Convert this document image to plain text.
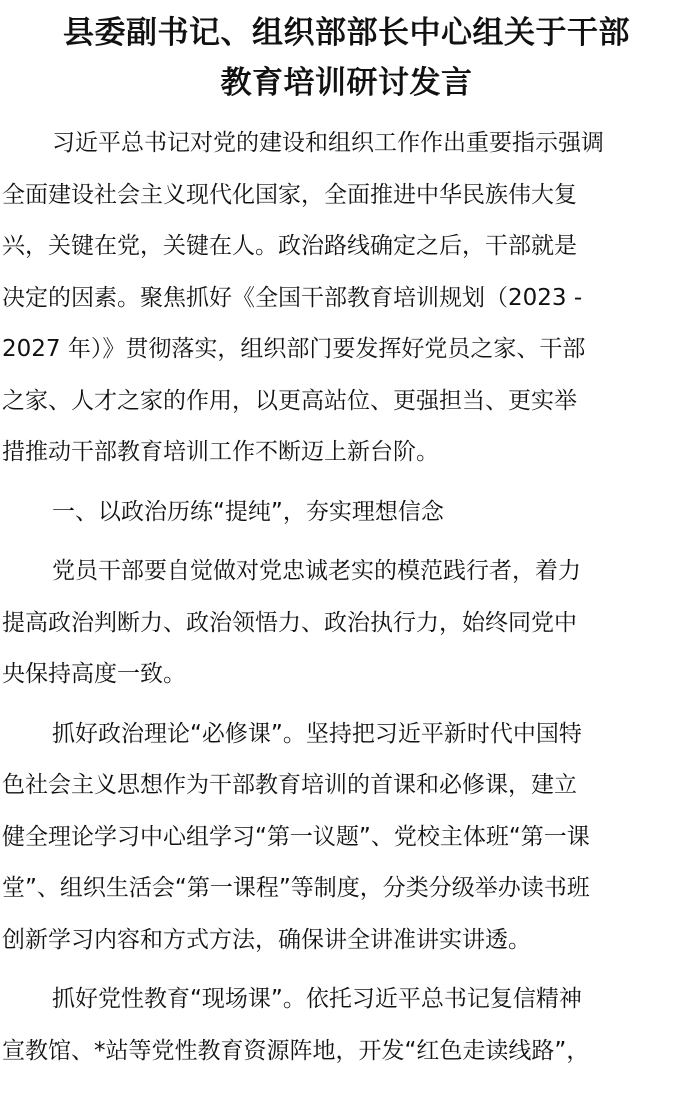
县委副书记、组织部部长中心组关于干部
教育培训研讨发言
习近平总书记对党的建设和组织工作作出重要指示强调
全面建设社会主义现代化国家，全面推进中华民族伟大复
兴，关键在党，关键在人。政治路线确定之后，干部就是
决定的因素。聚焦抓好《全国干部教育培训规划（2023 -
2027 年）》贯彻落实，组织部门要发挥好党员之家、干部
之家、人才之家的作用，以更高站位、更强担当、更实举
措推动干部教育培训工作不断迈上新台阶。
一、以政治历练“提纯”，夯实理想信念
党员干部要自觉做对党忠诚老实的模范践行者，着力
提高政治判断力、政治领悟力、政治执行力，始终同党中
央保持高度一致。
抓好政治理论“必修课”。坚持把习近平新时代中国特
色社会主义思想作为干部教育培训的首课和必修课，建立
健全理论学习中心组学习“第一议题”、党校主体班“第一课
堂”、组织生活会“第一课程”等制度，分类分级举办读书班
创新学习内容和方式方法，确保讲全讲准讲实讲透。
抓好党性教育“现场课”。依托习近平总书记复信精神
宣教馆、*站等党性教育资源阵地，开发“红色走读线路”，
